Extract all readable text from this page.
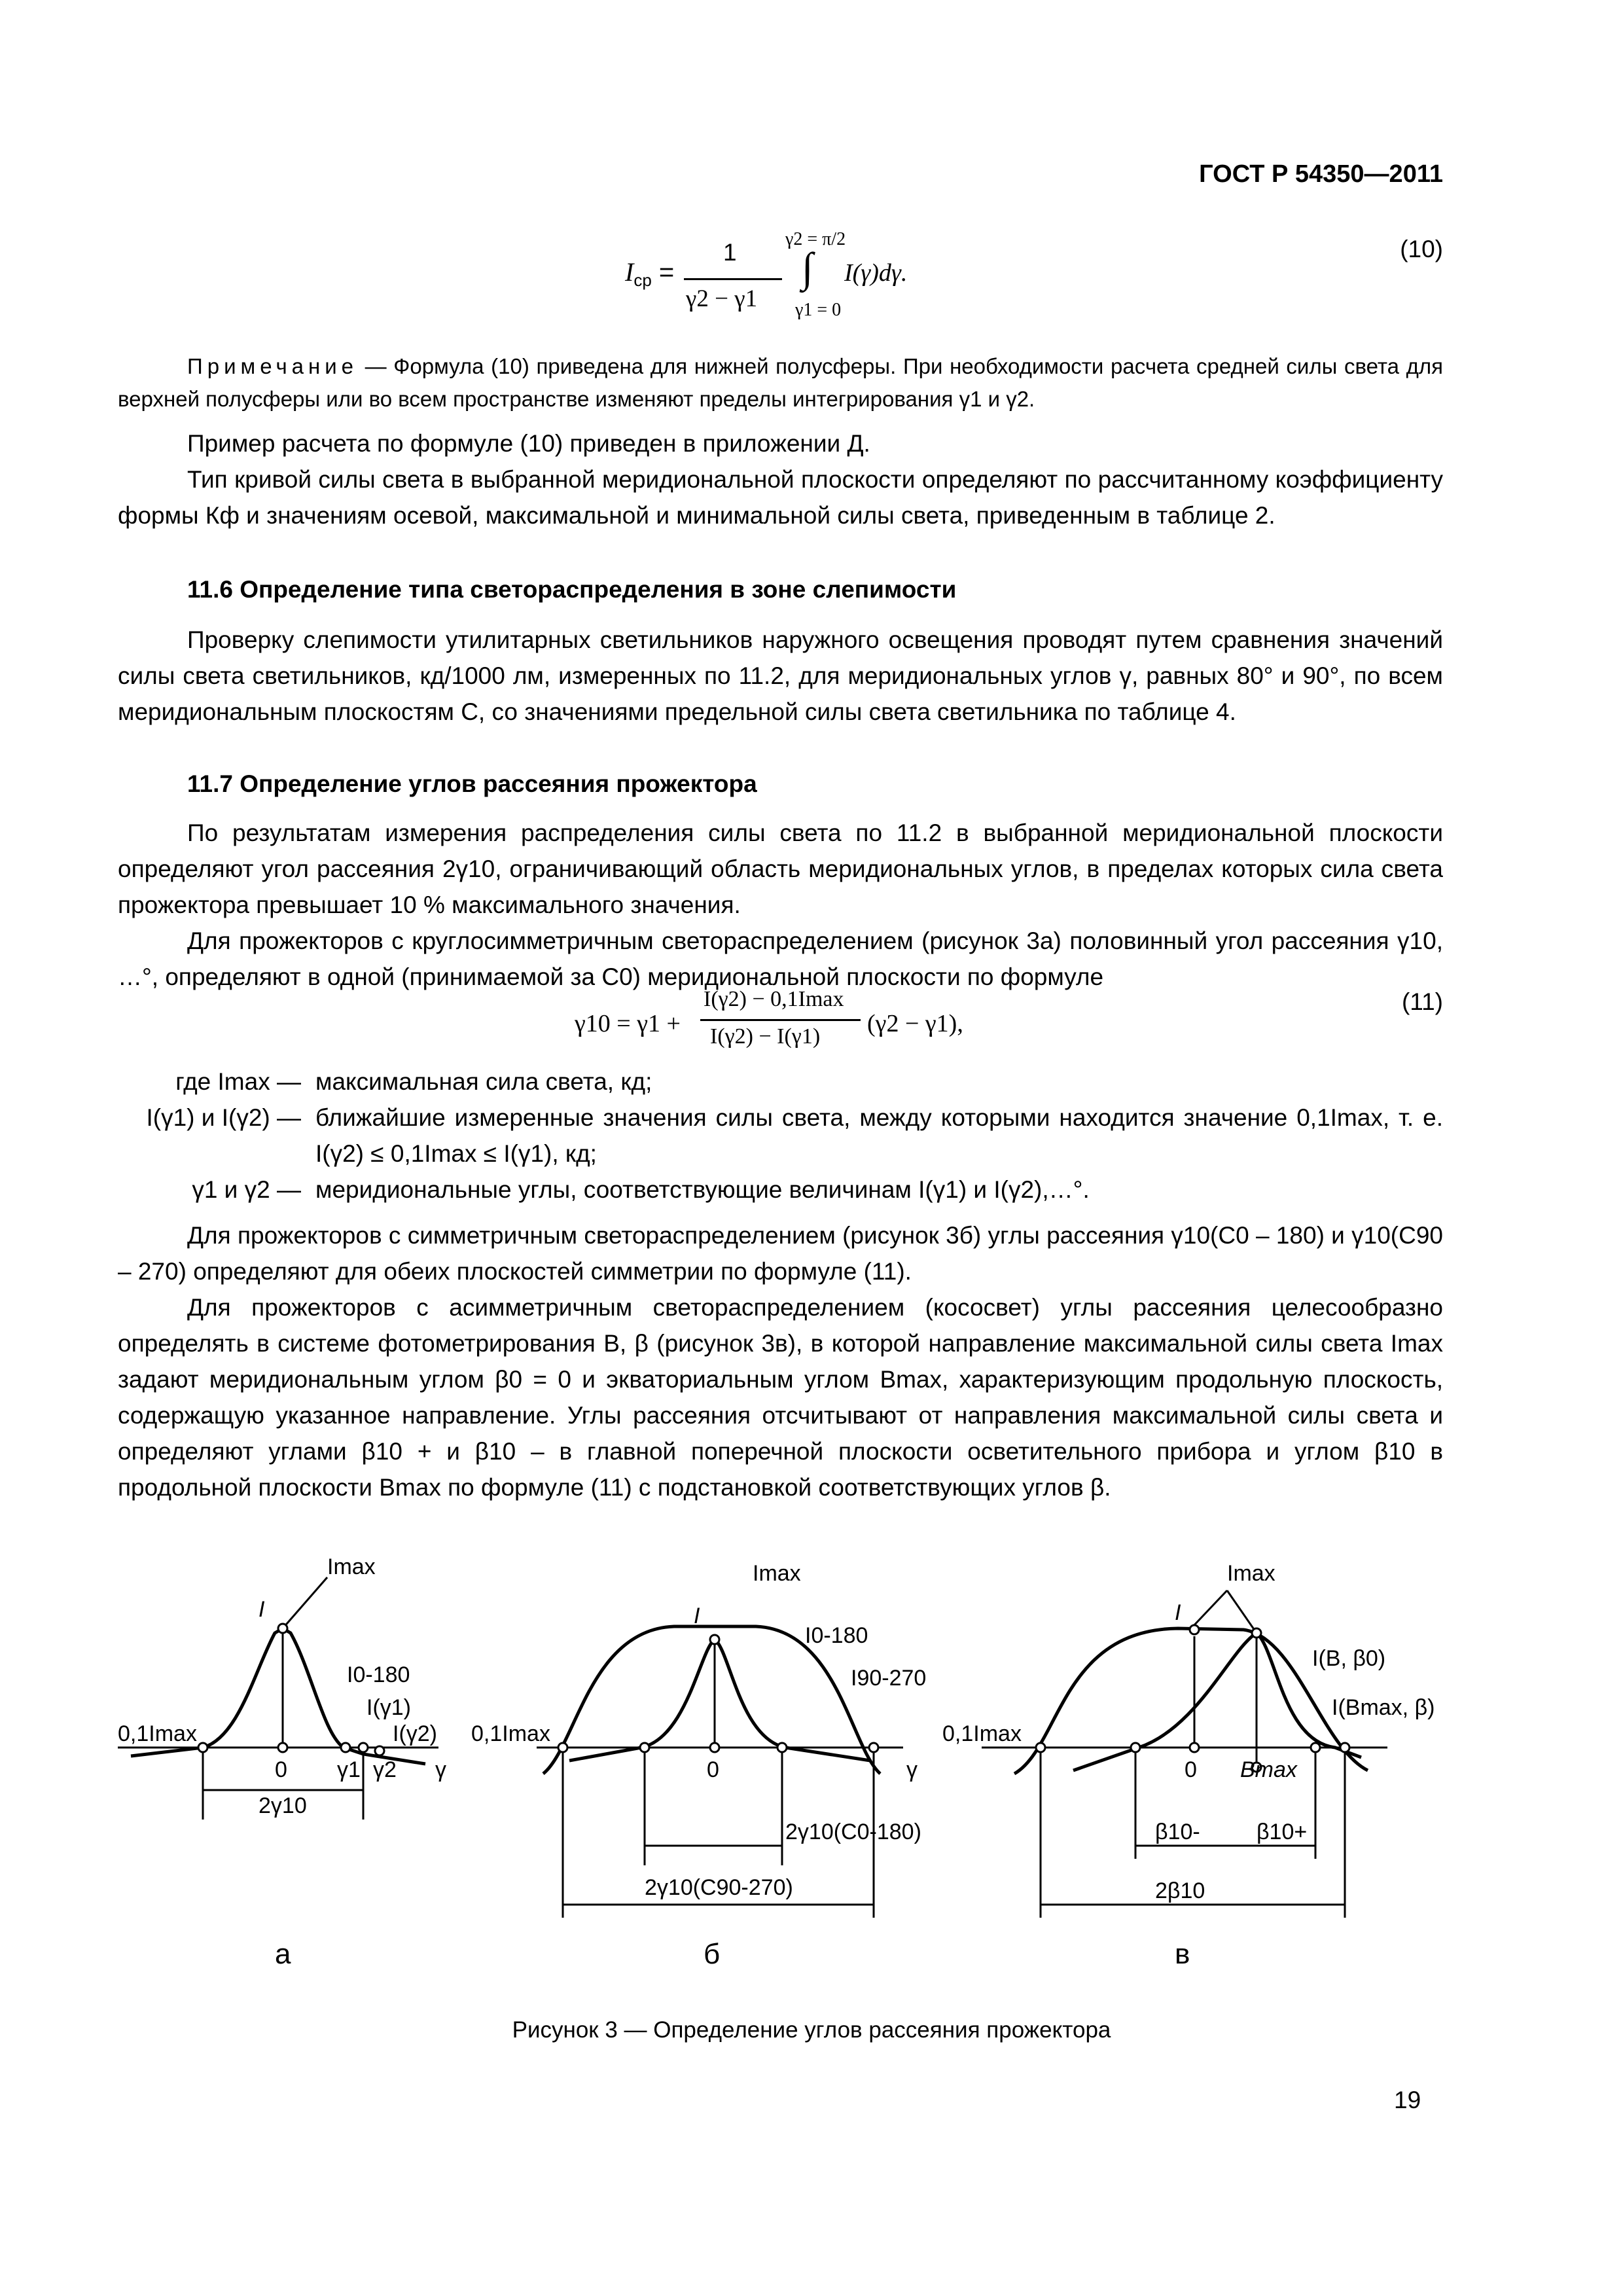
ГОСТ Р 54350—2011
$I_{ср}$ =
1
γ2 − γ1
γ2 = π/2
∫
γ1 = 0
I(γ)dγ.
(10)
Примечание — Формула (10) приведена для нижней полусферы. При необходимости расчета средней силы света для верхней полусферы или во всем пространстве изменяют пределы интегрирования γ1 и γ2.
Пример расчета по формуле (10) приведен в приложении Д.
Тип кривой силы света в выбранной меридиональной плоскости определяют по рассчитанному коэффициенту формы Кф и значениям осевой, максимальной и минимальной силы света, приведенным в таблице 2.
11.6 Определение типа светораспределения в зоне слепимости
Проверку слепимости утилитарных светильников наружного освещения проводят путем сравнения значений силы света светильников, кд/1000 лм, измеренных по 11.2, для меридиональных углов γ, равных 80° и 90°, по всем меридиональным плоскостям C, со значениями предельной силы света светильника по таблице 4.
11.7 Определение углов рассеяния прожектора
По результатам измерения распределения силы света по 11.2 в выбранной меридиональной плоскости определяют угол рассеяния 2γ10, ограничивающий область меридиональных углов, в пределах которых сила света прожектора превышает 10 % максимального значения.
Для прожекторов с круглосимметричным светораспределением (рисунок 3а) половинный угол рассеяния γ10, …°, определяют в одной (принимаемой за C0) меридиональной плоскости по формуле
γ10 = γ1 +
I(γ2) − 0,1Imax
I(γ2) − I(γ1) (γ2 − γ1),
(11)
где Imax — максимальная сила света, кд;
I(γ1) и I(γ2) — ближайшие измеренные значения силы света, между которыми находится значение 0,1Imax, т. е. I(γ2) ≤ 0,1Imax ≤ I(γ1), кд;
γ1 и γ2 — меридиональные углы, соответствующие величинам I(γ1) и I(γ2),…°.
Для прожекторов с симметричным светораспределением (рисунок 3б) углы рассеяния γ10(C0 – 180) и γ10(C90 – 270) определяют для обеих плоскостей симметрии по формуле (11).
Для прожекторов с асимметричным светораспределением (кососвет) углы рассеяния целесообразно определять в системе фотометрирования B, β (рисунок 3в), в которой направление максимальной силы света Imax задают меридиональным углом β0 = 0 и экваториальным углом Bmax, характеризующим продольную плоскость, содержащую указанное направление. Углы рассеяния отсчитывают от направления максимальной силы света и определяют углами β10 + и β10 – в главной поперечной плоскости осветительного прибора и углом β10 в продольной плоскости Bmax по формуле (11) с подстановкой соответствующих углов β.
I
Imax
I0-180
I(γ1)
I(γ2)
0,1Imax
0 γ1 γ2 γ
2γ10
а
I
Imax
I0-180
I90-270
0,1Imax
0	γ
2γ10(C0-180)
2γ10(C90-270)
б
I
Imax
I(B, β0)
I(Bmax, β)
0,1Imax
0 Bmax
β10-	β10+
2β10
в
Рисунок 3 — Определение углов рассеяния прожектора
19
